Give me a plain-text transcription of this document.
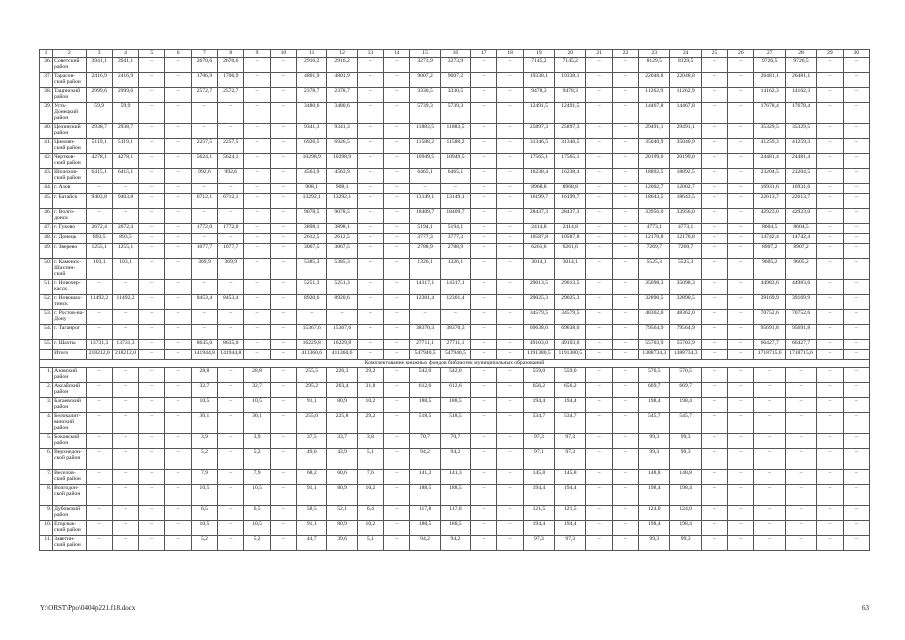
1	2	3	4	5	6	7	8	9	10	11	12	13	14	15	16	17	18	19	20	21	22	23	24	25	26	27	28	29	30
36.	Советский район	3941,1	3941,1	–	–	2670,6	2670,6	–	–	2916,2	2916,2	–	–	3273,9	3273,9	–	–	7145,2	7145,2	–	–	8129,5	8129,5	–	–	9726,5	9726,5	–	–
37.	Тарасов-ский район	2416,9	2416,9	–	–	1706,9	1706,9	–	–	4801,9	4801,9	–	–	9007,2	9007,2	–	–	19338,1	19338,1	–	–	22048,8	22048,8	–	–	26481,1	26481,1	–	–
38.	Тацинский район	2999,6	2999,6	–	–	2572,7	2572,7	–	–	2378,7	2378,7	–	–	3330,5	3330,5	–	–	9478,3	9478,3	–	–	11262,9	11262,9	–	–	14162,3	14162,3	–	–
39.	Усть-Донецкий район	59,9	59,9	–	–	–	–	–	–	3480,6	3480,6	–	–	5739,3	5739,3	–	–	12491,5	12491,5	–	–	14467,8	14467,8	–	–	17678,4	17678,4	–	–
40.	Целинский район	2938,7	2938,7	–	–	–	–	–	–	9341,3	9341,3	–	–	11883,5	11883,5	–	–	25897,3	25897,3	–	–	29491,1	29491,1	–	–	35329,5	35329,5	–	–
41.	Цимлян-ский район	5119,1	5119,1	–	–	2257,5	2257,5	–	–	6926,5	6926,5	–	–	11588,2	11588,2	–	–	31346,5	31346,5	–	–	35040,9	35040,9	–	–	41259,3	41259,3	–	–
42.	Чертков-ский район	4278,1	4278,1	–	–	5624,1	5624,1	–	–	10298,9	10298,9	–	–	10949,5	10949,5	–	–	17565,1	17565,1	–	–	20199,0	20199,0	–	–	24481,4	24481,4	–	–
43.	Шолохов-ский район	6415,1	6415,1	–	–	992,6	992,6	–	–	4563,9	4563,9	–	–	6465,1	6465,1	–	–	16238,4	16238,4	–	–	18892,5	18892,5	–	–	23204,5	23204,5	–	–
44.	г. Азов	–	–	–	–	–	–	–	–	908,1	908,1	–	–	–	–	–	–	8968,8	8968,8	–	–	12002,7	12002,7	–	–	16931,6	16931,6	–	–
45.	г. Батайск	9403,8	9403,8	–	–	6712,1	6712,1	–	–	13292,1	13292,1	–	–	13149,1	13149,1	–	–	16199,7	16199,7	–	–	18643,5	18643,5	–	–	22613,7	22613,7	–	–
46.	г. Волго-донск	–	–	–	–	–	–	–	–	9078,5	9078,5	–	–	18409,7	18409,7	–	–	28437,3	28437,3	–	–	33956,0	33956,0	–	–	42923,0	42923,0	–	–
47.	г. Гуково	2672,4	2672,4	–	–	1772,0	1772,0	–	–	3898,1	3898,1	–	–	5194,1	5194,1	–	–	2414,8	2414,8	–	–	4773,1	4773,1	–	–	8604,5	8604,5	–	–
48.	г. Донецк	893,5	893,5	–	–	–	–	–	–	2612,5	2612,5	–	–	3777,3	3777,3	–	–	10587,8	10587,8	–	–	12170,8	12170,8	–	–	14742,4	14742,4	–	–
49.	г. Зверево	1255,1	1255,1	–	–	1077,7	1077,7	–	–	3067,5	3067,5	–	–	2788,9	2788,9	–	–	6261,6	6261,6	–	–	7269,7	7269,7	–	–	8907,2	8907,2	–	–
50.	г. Каменск-Шахтин-ский	103,1	103,1	–	–	369,9	369,9	–	–	5385,3	5385,3	–	–	1326,1	1326,1	–	–	3014,1	3014,1	–	–	5525,3	5525,3	–	–	9605,2	9605,2	–	–
51.	г. Новочер-касск	–	–	–	–	–	–	–	–	5251,3	5251,3	–	–	14317,1	14317,1	–	–	29013,5	29013,5	–	–	35098,3	35098,3	–	–	44983,6	44983,6	–	–
52.	г. Новошах-тинск	11492,2	11492,2	–	–	8453,4	8453,4	–	–	8920,6	8920,6	–	–	12301,4	12301,4	–	–	29025,3	29025,3	–	–	32890,5	32890,5	–	–	39169,9	39169,9	–	–
53.	г. Ростов-на-Дону	–	–	–	–	–	–	–	–	–	–	–	–	–	–	–	–	34579,5	34579,5	–	–	48362,0	48362,0	–	–	70752,6	70752,6	–	–
54.	г. Таганрог	–	–	–	–	–	–	–	–	15367,6	15367,6	–	–	38370,3	38370,3	–	–	69638,0	69638,0	–	–	79564,9	79564,9	–	–	95691,8	95691,8	–	–
55.	г. Шахты	13731,3	13731,3	–	–	8635,0	8635,0	–	–	16229,8	16229,8	–	–	27711,1	27711,1	–	–	49103,0	49103,0	–	–	55703,9	55703,9	–	–	66427,7	66427,7	–	–
	Итого	218212,0	218212,0	–	–	141944,8	141944,8	–	–	411360,6	411360,6	–	–	547940,5	547940,5	–	–	1191380,5	1191380,5	–	–	1388734,3	1388734,3	–	–	1718715,6	1718715,6	–	–
Комплектование книжных фондов библиотек муниципальных образований																													
1.	Азовский район	–	–	–	–	28,8	–	28,8	–	255,5	226,3	29,2	–	542,0	542,0	–	–	559,0	559,0	–	–	570,5	570,5	–	–	–	–	–	–
2.	Аксайский район	–	–	–	–	32,7	–	32,7	–	295,2	263,4	31,8	–	612,6	612,6	–	–	656,2	656,2	–	–	669,7	669,7	–	–	–	–	–	–
3.	Багаевский район	–	–	–	–	10,5	–	10,5	–	91,1	80,9	10,2	–	188,5	188,5	–	–	194,4	194,4	–	–	198,4	198,4	–	–	–	–	–	–
4.	Белокалит-винский район	–	–	–	–	30,1	–	30,1	–	255,0	225,8	29,2	–	518,5	518,5	–	–	534,7	534,7	–	–	545,7	545,7	–	–	–	–	–	–
5.	Боковский район	–	–	–	–	3,9	–	3,9	–	37,5	33,7	3,8	–	70,7	70,7	–	–	97,3	97,3	–	–	99,3	99,3	–	–	–	–	–	–
6.	Верхнедон-ской район	–	–	–	–	5,2	–	5,2	–	49,0	43,9	5,1	–	94,2	94,2	–	–	97,1	97,3	–	–	99,3	99,3	–	–	–	–	–	–
7.	Веселов-ский район	–	–	–	–	7,9	–	7,9	–	68,2	60,6	7,6	–	141,3	141,3	–	–	145,8	145,8	–	–	148,8	148,8	–	–	–	–	–	–
8.	Волгодон-ской район	–	–	–	–	10,5	–	10,5	–	91,1	80,9	10,2	–	188,5	188,5	–	–	194,4	194,4	–	–	198,4	198,4	–	–	–	–	–	–
9.	Дубовский район	–	–	–	–	6,5	–	6,5	–	58,5	52,1	6,4	–	117,8	117,8	–	–	121,5	121,5	–	–	124,0	124,0	–	–	–	–	–	–
10.	Егорлык-ский район	–	–	–	–	10,5	–	10,5	–	91,1	80,9	10,2	–	188,5	188,5	–	–	194,4	194,4	–	–	198,4	198,4	–	–	–	–	–	–
11.	Заветин-ский район	–	–	–	–	5,2	–	5,2	–	44,7	39,6	5,1	–	94,2	94,2	–	–	97,3	97,3	–	–	99,3	99,3	–	–	–	–	–	–
Y:\ORST\Ppo\0404p221.f18.docx	63
